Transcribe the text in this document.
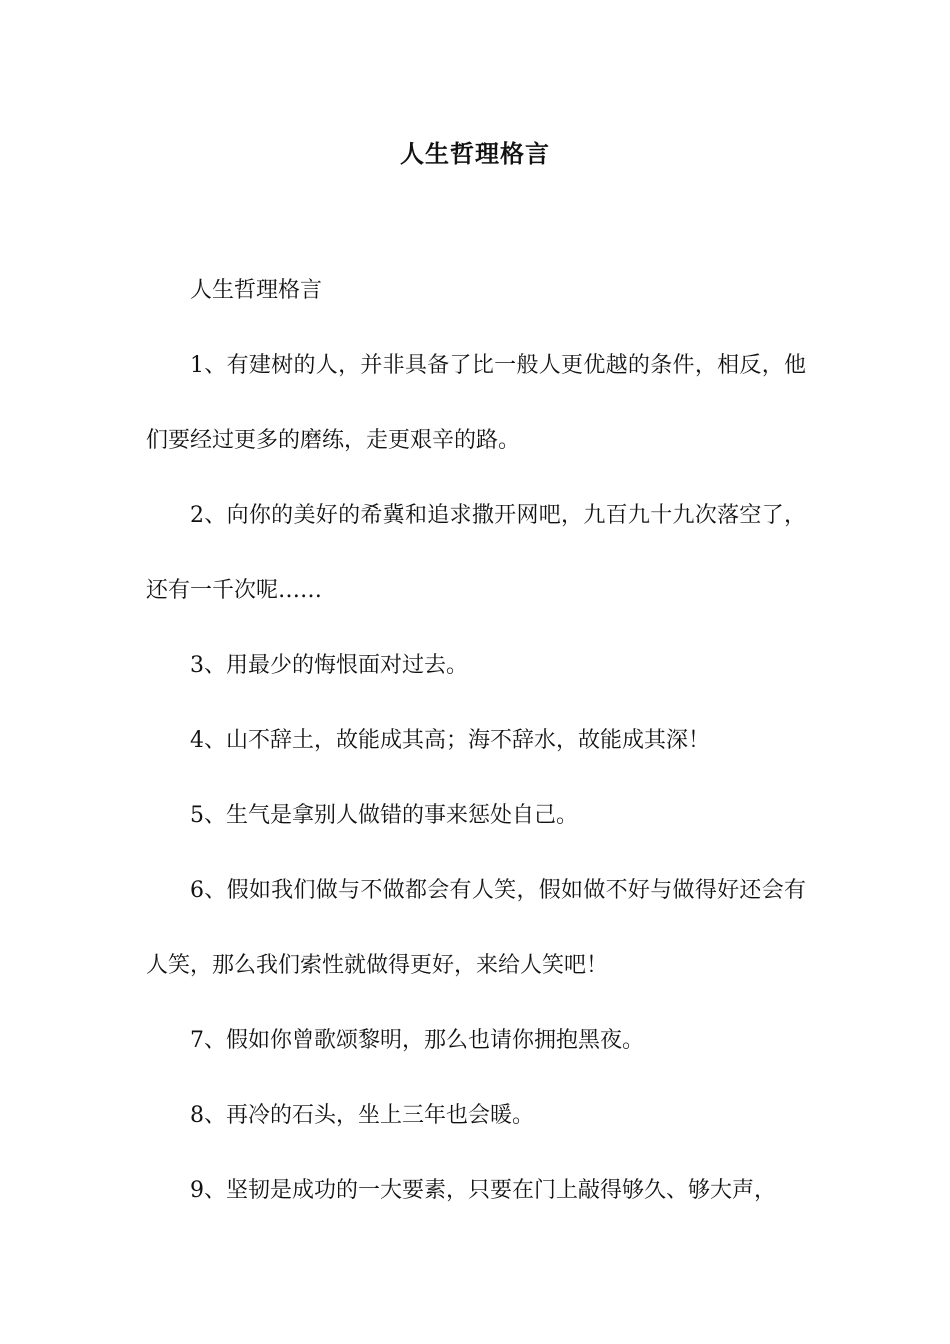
人生哲理格言

人生哲理格言

1、有建树的人，并非具备了比一般人更优越的条件，相反，他们要经过更多的磨练，走更艰辛的路。

2、向你的美好的希冀和追求撒开网吧，九百九十九次落空了，还有一千次呢……

3、用最少的悔恨面对过去。

4、山不辞土，故能成其高；海不辞水，故能成其深！

5、生气是拿别人做错的事来惩处自己。

6、假如我们做与不做都会有人笑，假如做不好与做得好还会有人笑，那么我们索性就做得更好，来给人笑吧！

7、假如你曾歌颂黎明，那么也请你拥抱黑夜。

8、再冷的石头，坐上三年也会暖。

9、坚韧是成功的一大要素，只要在门上敲得够久、够大声，
